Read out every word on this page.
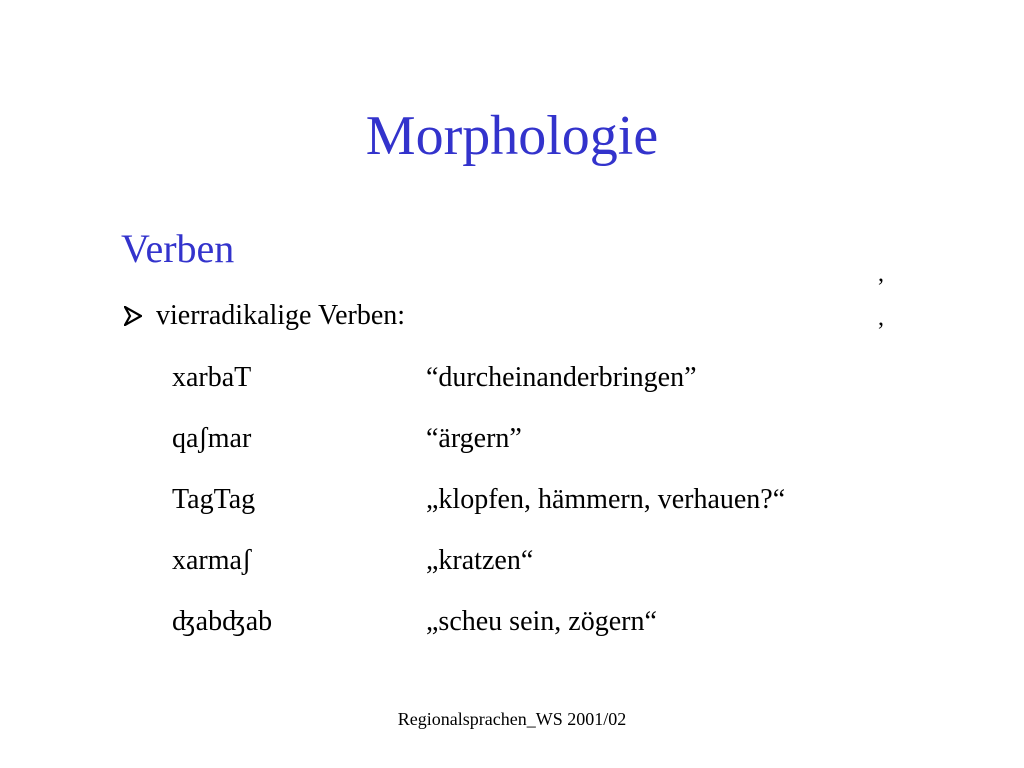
Morphologie
Verben
,
,
vierradikalige Verben:
xarbaT	“durcheinanderbringen”
qaʃmar	“ärgern”
TagTag	„klopfen, hämmern, verhauen?“
xarmaʃ	„kratzen“
ʤabʤab	„scheu sein, zögern“
Regionalsprachen_WS 2001/02
